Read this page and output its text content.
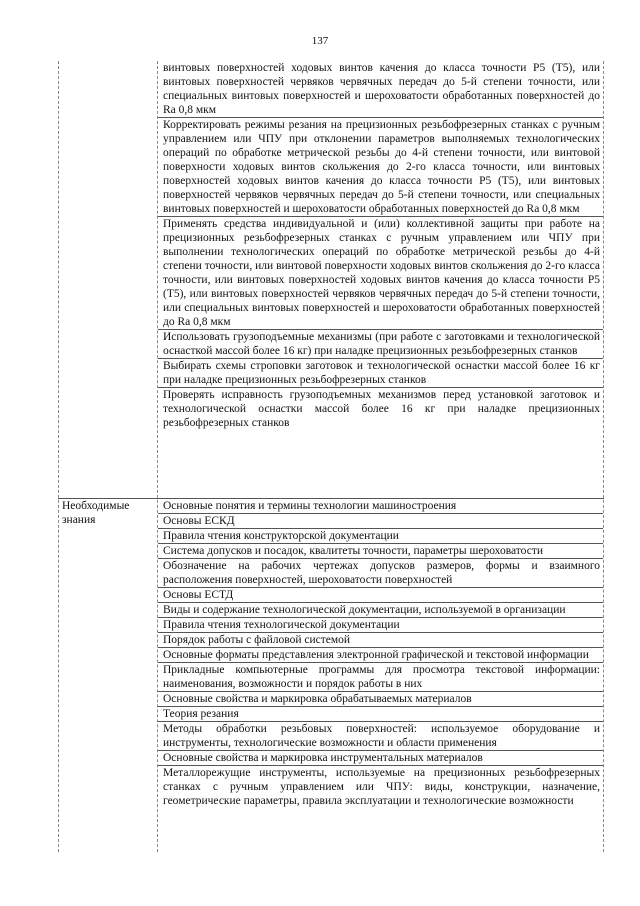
137
винтовых поверхностей ходовых винтов качения до класса точности P5 (T5), или винтовых поверхностей червяков червячных передач до 5-й степени точности, или специальных винтовых поверхностей и шероховатости обработанных поверхностей до Ra 0,8 мкм
Корректировать режимы резания на прецизионных резьбофрезерных станках с ручным управлением или ЧПУ при отклонении параметров выполняемых технологических операций по обработке метрической резьбы до 4-й степени точности, или винтовой поверхности ходовых винтов скольжения до 2-го класса точности, или винтовых поверхностей ходовых винтов качения до класса точности P5 (T5), или винтовых поверхностей червяков червячных передач до 5-й степени точности, или специальных винтовых поверхностей и шероховатости обработанных поверхностей до Ra 0,8 мкм
Применять средства индивидуальной и (или) коллективной защиты при работе на прецизионных резьбофрезерных станках с ручным управлением или ЧПУ при выполнении технологических операций по обработке метрической резьбы до 4-й степени точности, или винтовой поверхности ходовых винтов скольжения до 2-го класса точности, или винтовых поверхностей ходовых винтов качения до класса точности P5 (T5), или винтовых поверхностей червяков червячных передач до 5-й степени точности, или специальных винтовых поверхностей и шероховатости обработанных поверхностей до Ra 0,8 мкм
Использовать грузоподъемные механизмы (при работе с заготовками и технологической оснасткой массой более 16 кг) при наладке прецизионных резьбофрезерных станков
Выбирать схемы строповки заготовок и технологической оснастки массой более 16 кг при наладке прецизионных резьбофрезерных станков
Проверять исправность грузоподъемных механизмов перед установкой заготовок и технологической оснастки массой более 16 кг при наладке прецизионных резьбофрезерных станков
Необходимые знания
Основные понятия и термины технологии машиностроения
Основы ЕСКД
Правила чтения конструкторской документации
Система допусков и посадок, квалитеты точности, параметры шероховатости
Обозначение на рабочих чертежах допусков размеров, формы и взаимного расположения поверхностей, шероховатости поверхностей
Основы ЕСТД
Виды и содержание технологической документации, используемой в организации
Правила чтения технологической документации
Порядок работы с файловой системой
Основные форматы представления электронной графической и текстовой информации
Прикладные компьютерные программы для просмотра текстовой информации: наименования, возможности и порядок работы в них
Основные свойства и маркировка обрабатываемых материалов
Теория резания
Методы обработки резьбовых поверхностей: используемое оборудование и инструменты, технологические возможности и области применения
Основные свойства и маркировка инструментальных материалов
Металлорежущие инструменты, используемые на прецизионных резьбофрезерных станках с ручным управлением или ЧПУ: виды, конструкции, назначение, геометрические параметры, правила эксплуатации и технологические возможности
